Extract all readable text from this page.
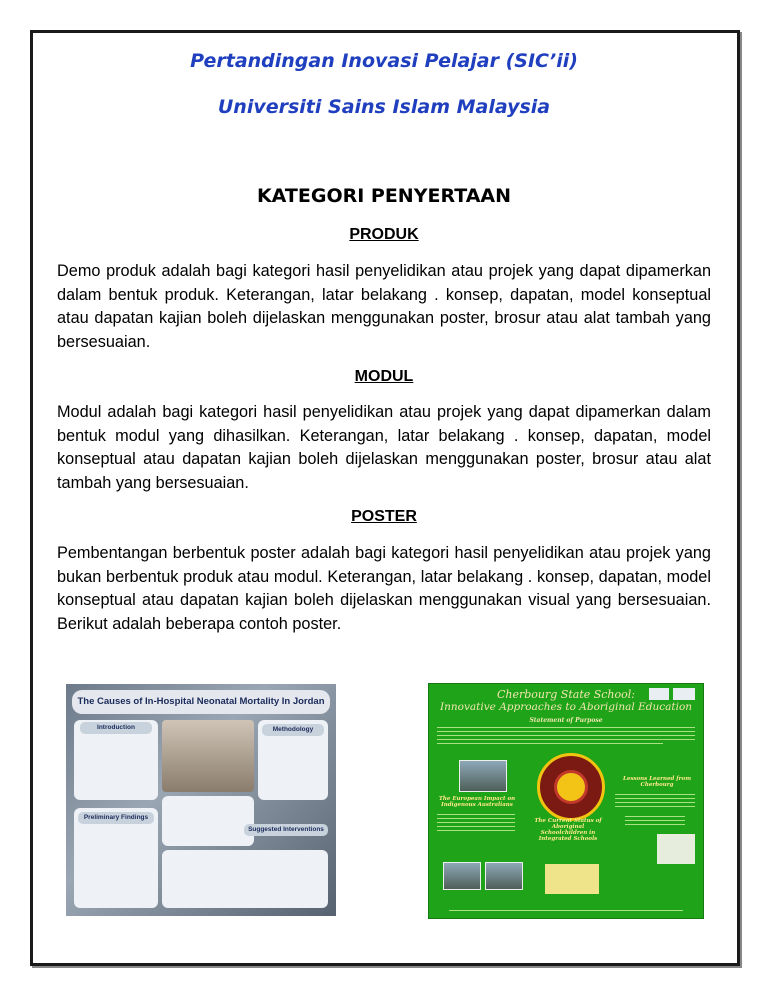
Pertandingan Inovasi Pelajar (SIC’ii)
Universiti Sains Islam Malaysia
KATEGORI PENYERTAAN
PRODUK
Demo produk adalah bagi kategori hasil penyelidikan atau projek yang dapat dipamerkan dalam bentuk produk. Keterangan, latar belakang . konsep, dapatan, model konseptual atau dapatan kajian boleh dijelaskan menggunakan poster, brosur atau alat tambah yang bersesuaian.
MODUL
Modul adalah bagi kategori hasil penyelidikan atau projek yang dapat dipamerkan dalam bentuk modul yang dihasilkan. Keterangan, latar belakang . konsep, dapatan, model konseptual atau dapatan kajian boleh dijelaskan menggunakan poster, brosur atau alat tambah yang bersesuaian.
POSTER
Pembentangan berbentuk poster adalah bagi kategori hasil penyelidikan atau projek yang bukan berbentuk produk atau modul. Keterangan, latar belakang . konsep, dapatan, model konseptual atau dapatan kajian boleh dijelaskan menggunakan visual yang bersesuaian. Berikut adalah beberapa contoh poster.
The Causes of In-Hospital Neonatal Mortality In Jordan
Introduction	Methodology
Preliminary Findings
Suggested Interventions
Cherbourg State School:
Innovative Approaches to Aboriginal Education
Statement of Purpose
The European Impact on Indigenous Australians
The Current Status of Aboriginal Schoolchildren in Integrated Schools
Lessons Learned from Cherbourg
